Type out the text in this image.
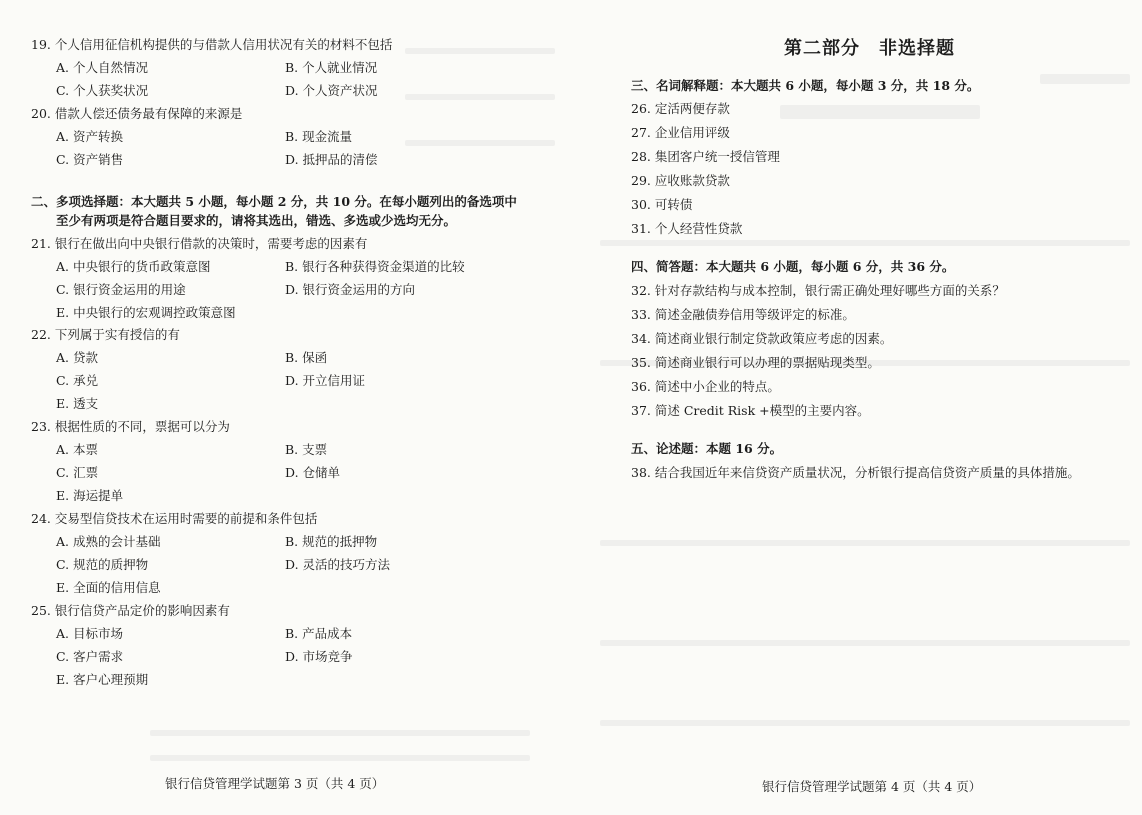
19. 个人信用征信机构提供的与借款人信用状况有关的材料不包括
A. 个人自然情况	B. 个人就业情况
C. 个人获奖状况	D. 个人资产状况
20. 借款人偿还债务最有保障的来源是
A. 资产转换	B. 现金流量
C. 资产销售	D. 抵押品的清偿
二、多项选择题：本大题共 5 小题，每小题 2 分，共 10 分。在每小题列出的备选项中
至少有两项是符合题目要求的，请将其选出，错选、多选或少选均无分。
21. 银行在做出向中央银行借款的决策时，需要考虑的因素有
A. 中央银行的货币政策意图	B. 银行各种获得资金渠道的比较
C. 银行资金运用的用途	D. 银行资金运用的方向
E. 中央银行的宏观调控政策意图
22. 下列属于实有授信的有
A. 贷款	B. 保函
C. 承兑	D. 开立信用证
E. 透支
23. 根据性质的不同，票据可以分为
A. 本票	B. 支票
C. 汇票	D. 仓储单
E. 海运提单
24. 交易型信贷技术在运用时需要的前提和条件包括
A. 成熟的会计基础	B. 规范的抵押物
C. 规范的质押物	D. 灵活的技巧方法
E. 全面的信用信息
25. 银行信贷产品定价的影响因素有
A. 目标市场	B. 产品成本
C. 客户需求	D. 市场竞争
E. 客户心理预期
银行信贷管理学试题第 3 页（共 4 页）
第二部分　非选择题
三、名词解释题：本大题共 6 小题，每小题 3 分，共 18 分。
26. 定活两便存款
27. 企业信用评级
28. 集团客户统一授信管理
29. 应收账款贷款
30. 可转债
31. 个人经营性贷款
四、简答题：本大题共 6 小题，每小题 6 分，共 36 分。
32. 针对存款结构与成本控制，银行需正确处理好哪些方面的关系？
33. 简述金融债券信用等级评定的标准。
34. 简述商业银行制定贷款政策应考虑的因素。
35. 简述商业银行可以办理的票据贴现类型。
36. 简述中小企业的特点。
37. 简述 Credit Risk +模型的主要内容。
五、论述题：本题 16 分。
38. 结合我国近年来信贷资产质量状况，分析银行提高信贷资产质量的具体措施。
银行信贷管理学试题第 4 页（共 4 页）
